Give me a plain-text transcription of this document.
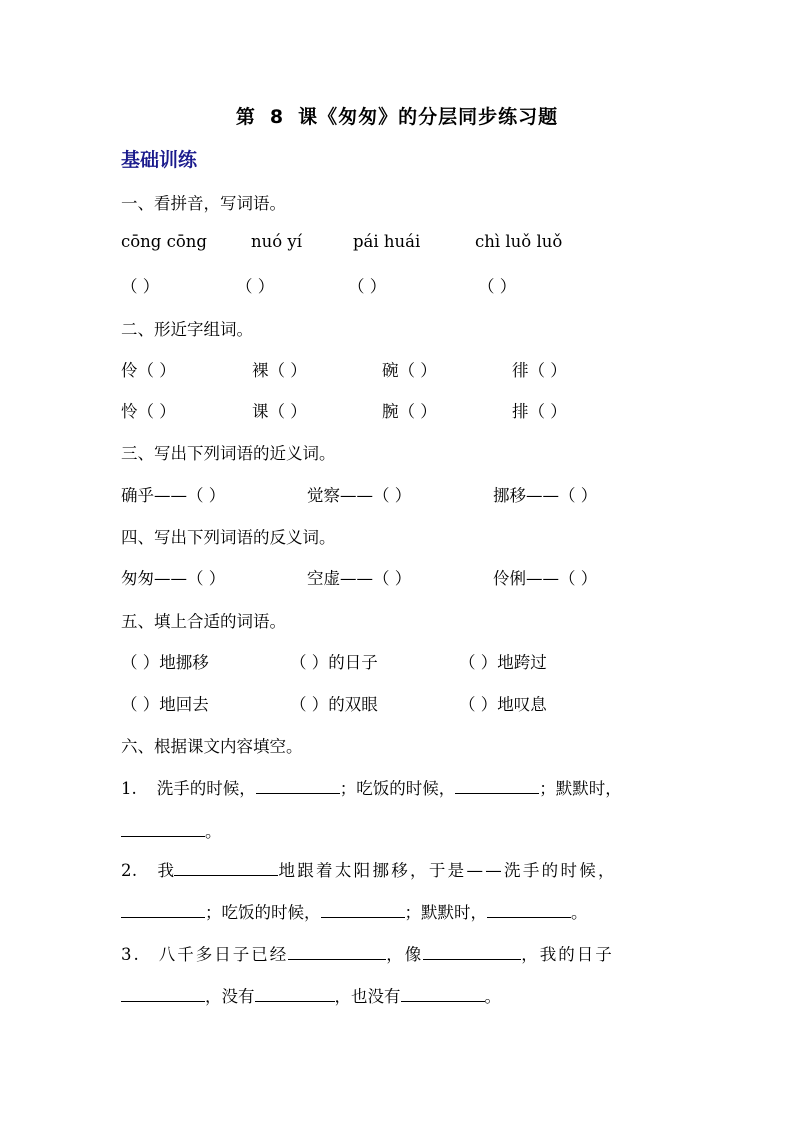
第 8 课《匆匆》的分层同步练习题
基础训练
一、看拼音，写词语。
cōng cōng	nuó yí	pái huái	chì luǒ luǒ
（ ）	（ ）	（ ）	（ ）
二、形近字组词。
伶（ ）	裸（ ）	碗（ ）	徘（ ）
怜（ ）	课（ ）	腕（ ）	排（ ）
三、写出下列词语的近义词。
确乎——（ ）	觉察——（ ）	挪移——（ ）
四、写出下列词语的反义词。
匆匆——（ ）	空虚——（ ）	伶俐——（ ）
五、填上合适的词语。
（ ）地挪移	（ ）的日子	（ ）地跨过
（ ）地回去	（ ）的双眼	（ ）地叹息
六、根据课文内容填空。
1. 洗手的时候，	；吃饭的时候，	；默默时，
。
2. 我	地跟着太阳挪移，于是——洗手的时候，
；吃饭的时候，	；默默时，	。
3. 八千多日子已经	，像	，我的日子
，没有	，也没有	。
